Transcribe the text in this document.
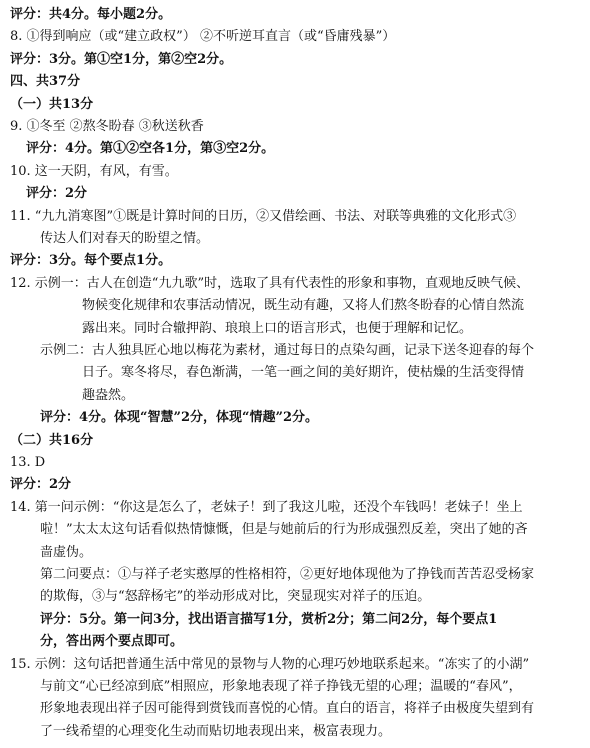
评分：共4分。每小题2分。
8. ①得到响应（或“建立政权”） ②不听逆耳直言（或“昏庸残暴”）
评分：3分。第①空1分，第②空2分。
四、共37分
（一）共13分
9. ①冬至 ②熬冬盼春 ③秋送秋香
评分：4分。第①②空各1分，第③空2分。
10. 这一天阴，有风，有雪。
评分：2分
11. “九九消寒图”①既是计算时间的日历，②又借绘画、书法、对联等典雅的文化形式③
传达人们对春天的盼望之情。
评分：3分。每个要点1分。
12. 示例一：古人在创造“九九歌”时，选取了具有代表性的形象和事物，直观地反映气候、
物候变化规律和农事活动情况，既生动有趣，又将人们熬冬盼春的心情自然流
露出来。同时合辙押韵、琅琅上口的语言形式，也便于理解和记忆。
示例二：古人独具匠心地以梅花为素材，通过每日的点染勾画，记录下送冬迎春的每个
日子。寒冬将尽，春色渐满，一笔一画之间的美好期许，使枯燥的生活变得情
趣盎然。
评分：4分。体现“智慧”2分，体现“情趣”2分。
（二）共16分
13. D
评分：2分
14. 第一问示例：“你这是怎么了，老妹子！到了我这儿啦，还没个车钱吗！老妹子！坐上
啦！”太太太这句话看似热情慷慨，但是与她前后的行为形成强烈反差，突出了她的吝
啬虚伪。
第二问要点：①与祥子老实憨厚的性格相符，②更好地体现他为了挣钱而苦苦忍受杨家
的欺侮，③与“怒辞杨宅”的举动形成对比，突显现实对祥子的压迫。
评分：5分。第一问3分，找出语言描写1分，赏析2分；第二问2分，每个要点1
分，答出两个要点即可。
15. 示例：这句话把普通生活中常见的景物与人物的心理巧妙地联系起来。“冻实了的小湖”
与前文“心已经凉到底”相照应，形象地表现了祥子挣钱无望的心理；温暖的“春风”，
形象地表现出祥子因可能得到赏钱而喜悦的心情。直白的语言，将祥子由极度失望到有
了一线希望的心理变化生动而贴切地表现出来，极富表现力。
